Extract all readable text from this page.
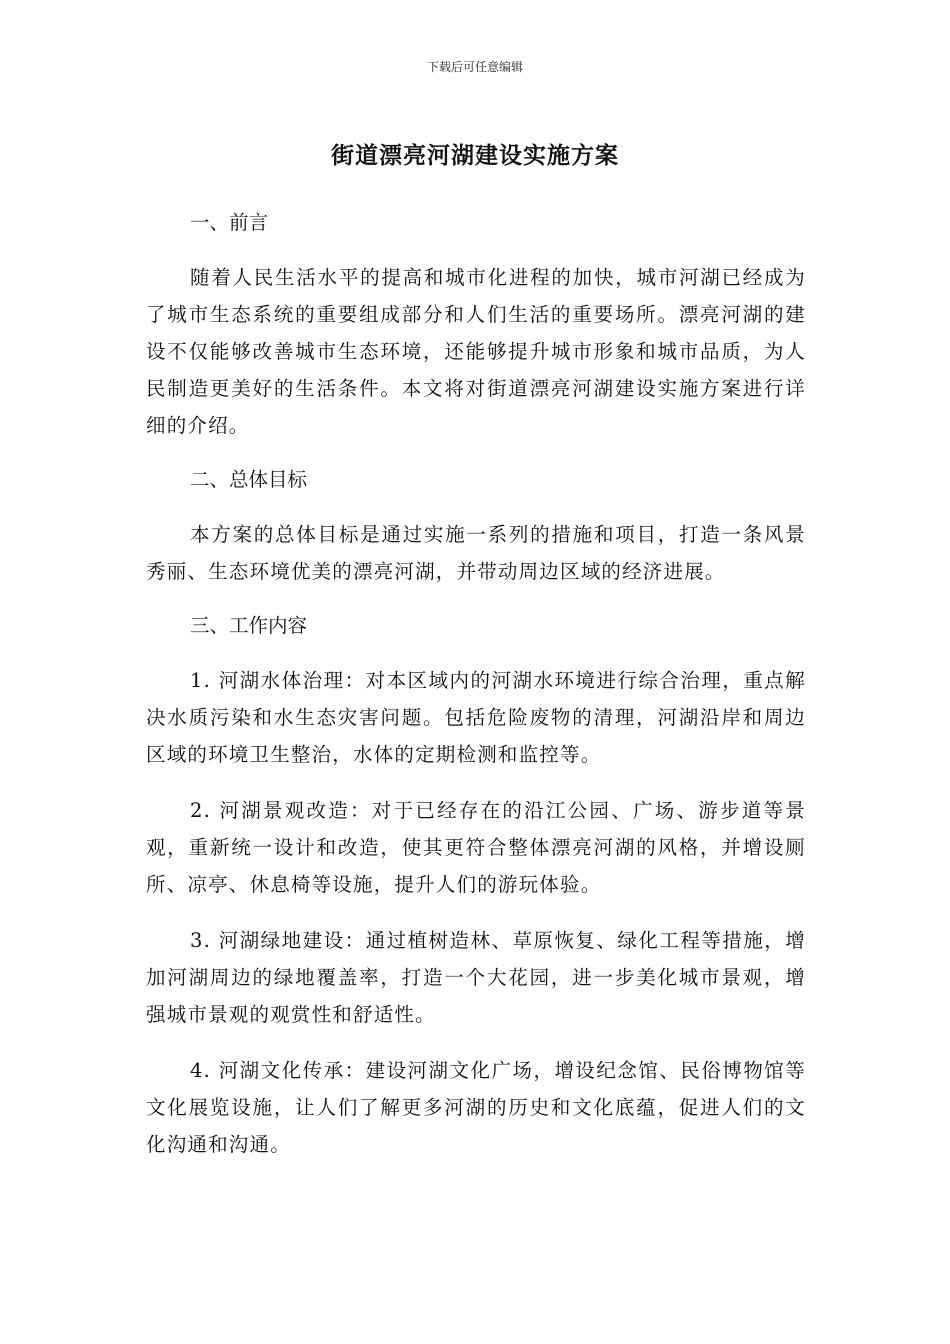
下载后可任意编辑
街道漂亮河湖建设实施方案

一、前言

随着人民生活水平的提高和城市化进程的加快，城市河湖已经成为了城市生态系统的重要组成部分和人们生活的重要场所。漂亮河湖的建设不仅能够改善城市生态环境，还能够提升城市形象和城市品质，为人民制造更美好的生活条件。本文将对街道漂亮河湖建设实施方案进行详细的介绍。

二、总体目标

本方案的总体目标是通过实施一系列的措施和项目，打造一条风景秀丽、生态环境优美的漂亮河湖，并带动周边区域的经济进展。

三、工作内容

1. 河湖水体治理：对本区域内的河湖水环境进行综合治理，重点解决水质污染和水生态灾害问题。包括危险废物的清理，河湖沿岸和周边区域的环境卫生整治，水体的定期检测和监控等。

2. 河湖景观改造：对于已经存在的沿江公园、广场、游步道等景观，重新统一设计和改造，使其更符合整体漂亮河湖的风格，并增设厕所、凉亭、休息椅等设施，提升人们的游玩体验。

3. 河湖绿地建设：通过植树造林、草原恢复、绿化工程等措施，增加河湖周边的绿地覆盖率，打造一个大花园，进一步美化城市景观，增强城市景观的观赏性和舒适性。

4. 河湖文化传承：建设河湖文化广场，增设纪念馆、民俗博物馆等文化展览设施，让人们了解更多河湖的历史和文化底蕴，促进人们的文化沟通和沟通。
